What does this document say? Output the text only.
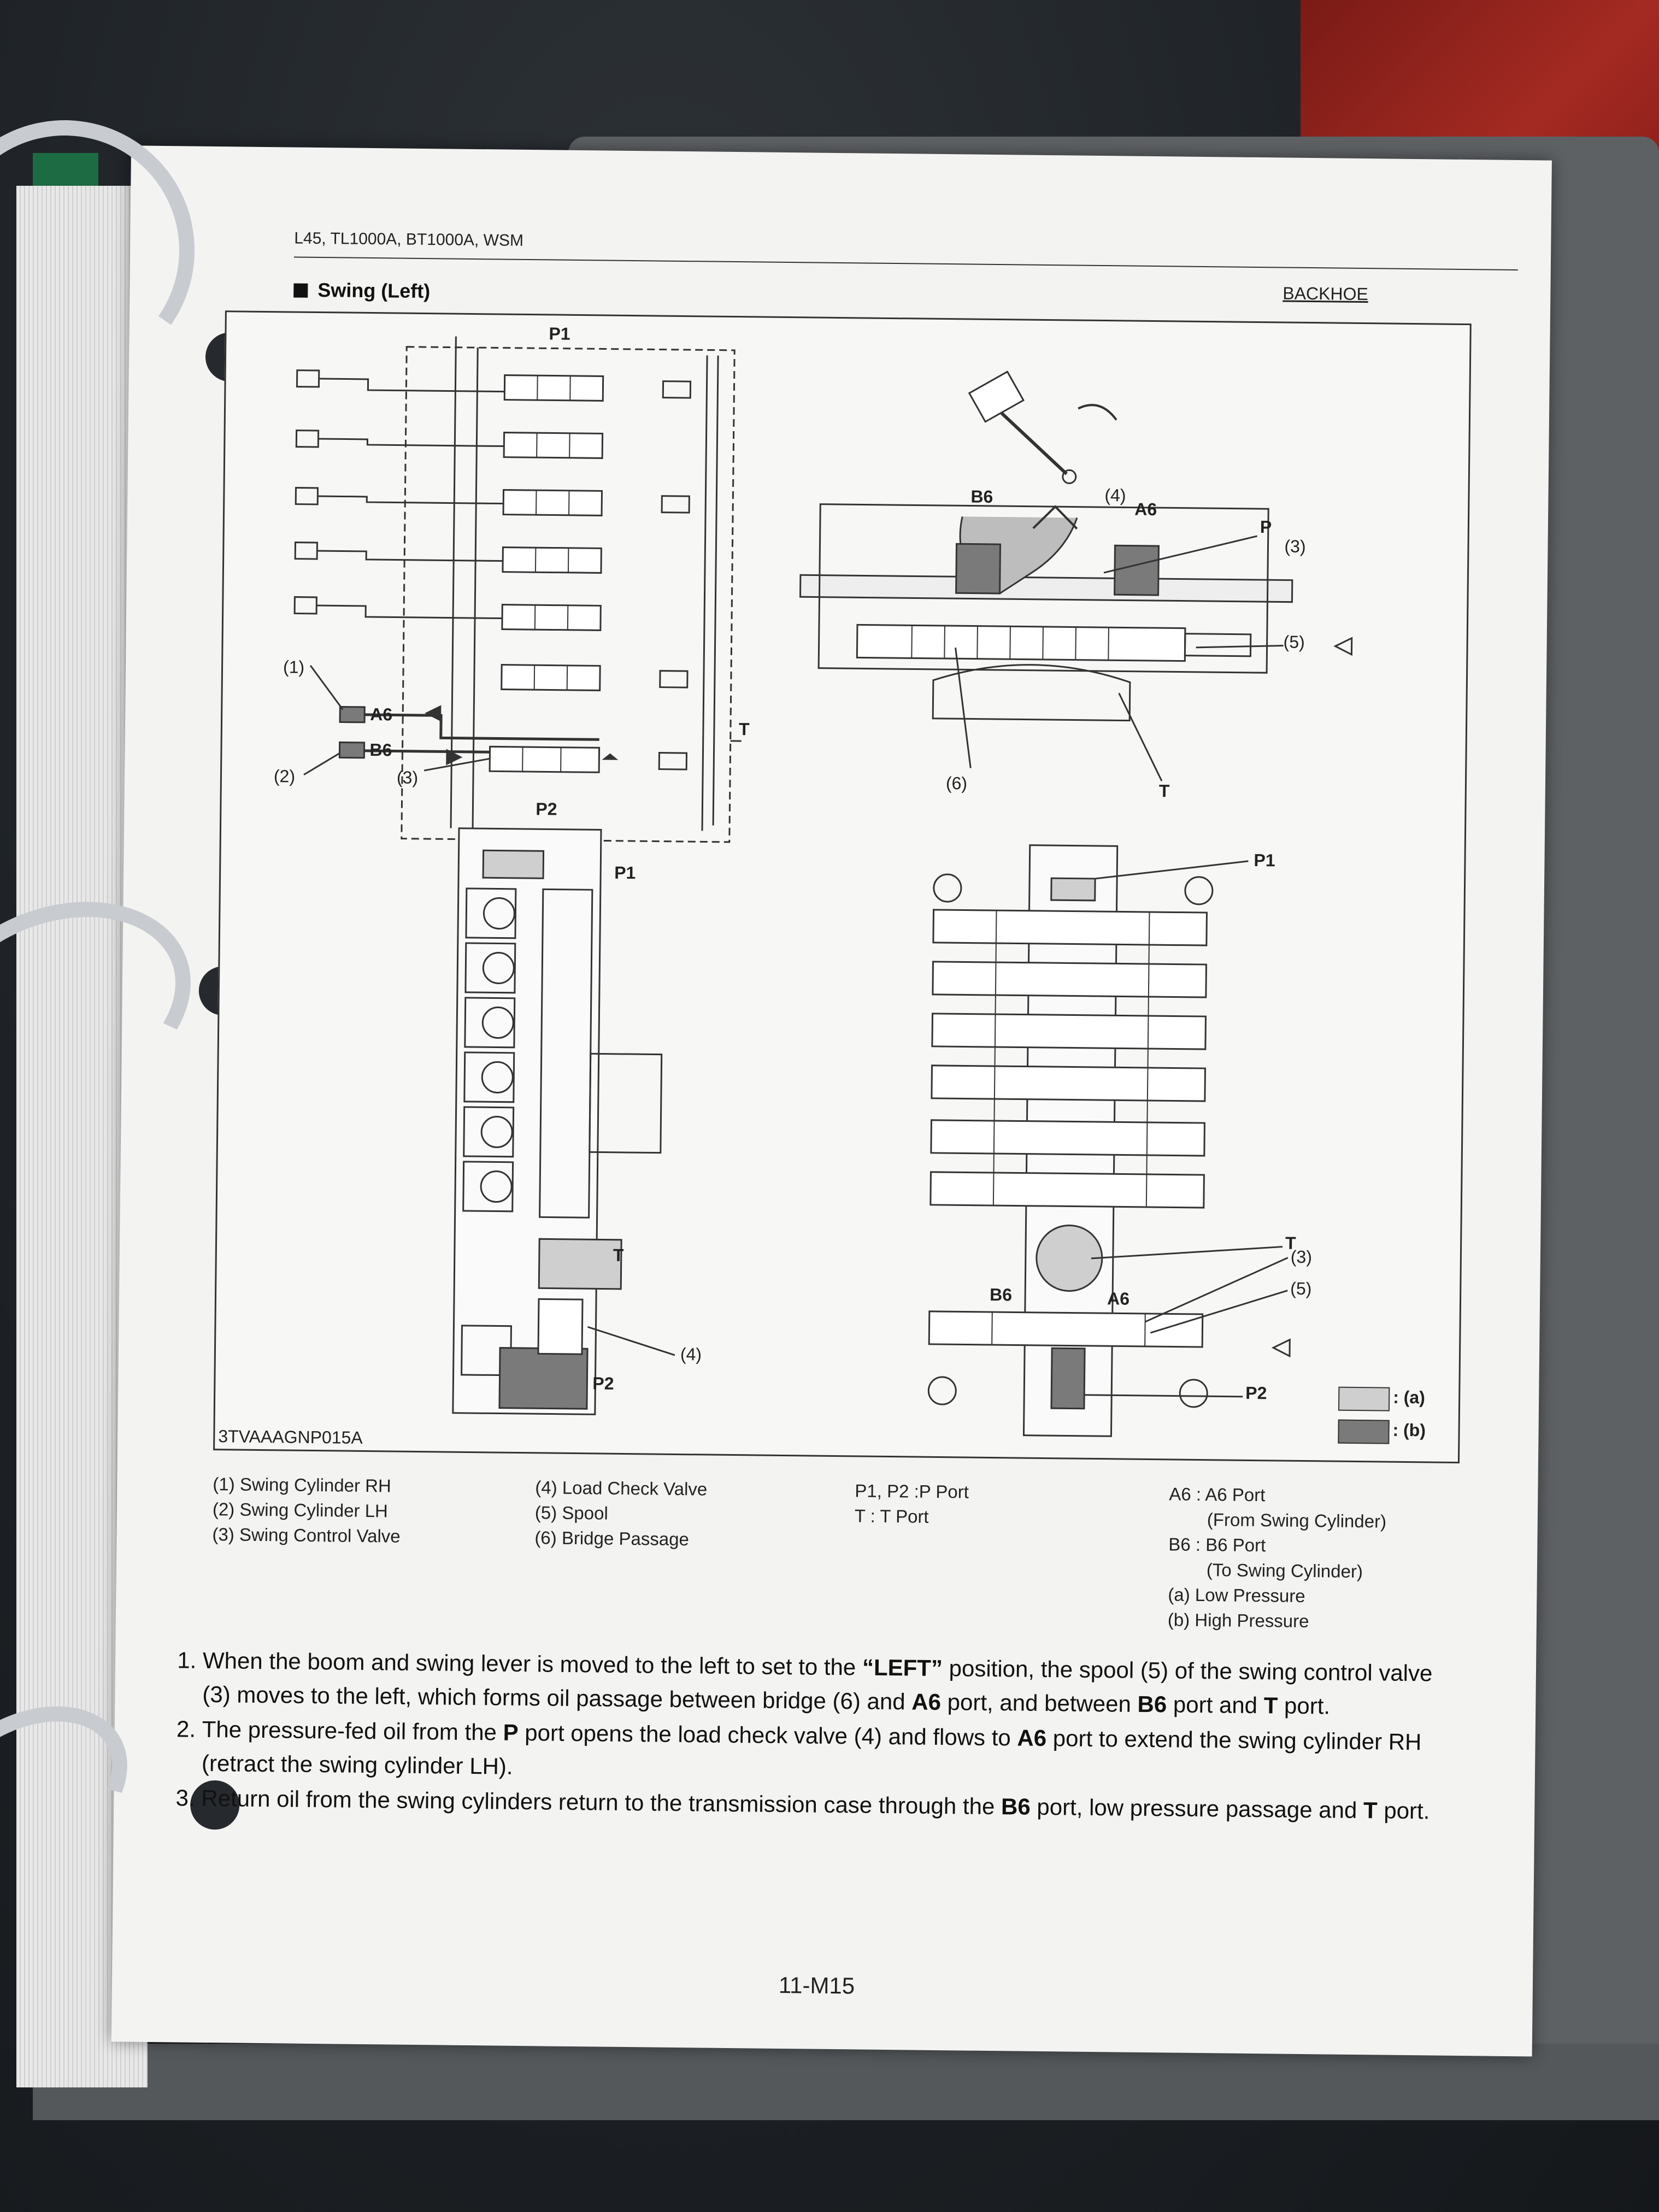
L45, TL1000A, BT1000A, WSM
BACKHOE
Swing (Left)
P1
P2
T
A6
B6
(1)
(2)	(3)
B6
A6
(4)
P
(3)
(5)
(6)	T
P1
T
(4)
P2
P1
T
(3)
(5)
B6	A6
P2	: (a)
: (b)
3TVAAAGNP015A
(1) Swing Cylinder RH
(2) Swing Cylinder LH
(3) Swing Control Valve
(4) Load Check Valve
(5) Spool
(6) Bridge Passage
P1, P2 :P Port
T : T Port
A6 : A6 Port
(From Swing Cylinder)
B6 : B6 Port
(To Swing Cylinder)
(a) Low Pressure
(b) High Pressure
1. When the boom and swing lever is moved to the left to set to the “LEFT” position, the spool (5) of the swing control valve (3) moves to the left, which forms oil passage between bridge (6) and A6 port, and between B6 port and T port.
2. The pressure-fed oil from the P port opens the load check valve (4) and flows to A6 port to extend the swing cylinder RH (retract the swing cylinder LH).
3. Return oil from the swing cylinders return to the transmission case through the B6 port, low pressure passage and T port.
11-M15
